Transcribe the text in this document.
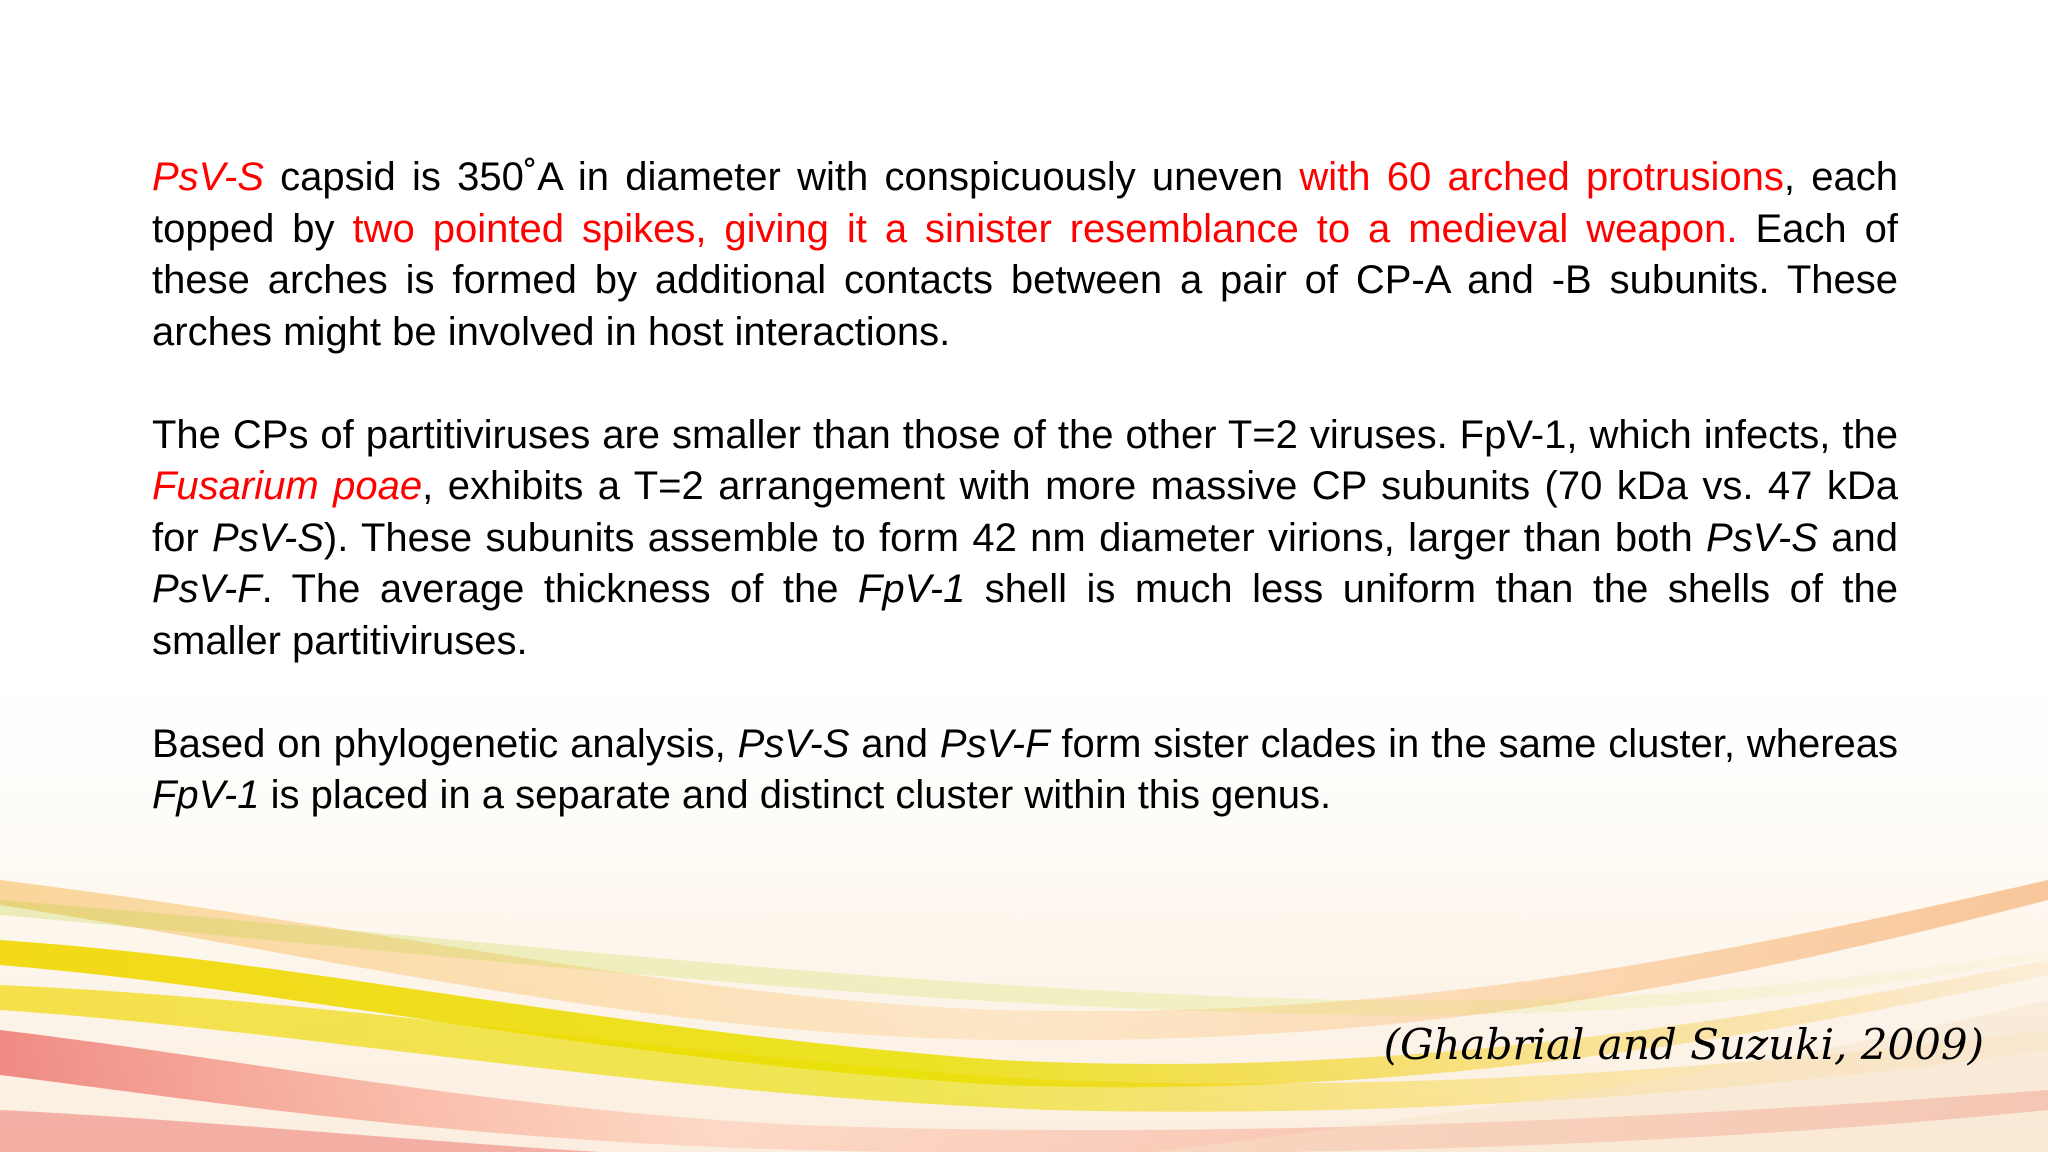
PsV-S capsid is 350˚A in diameter with conspicuously uneven with 60 arched protrusions, each topped by two pointed spikes, giving it a sinister resemblance to a medieval weapon. Each of these arches is formed by additional contacts between a pair of CP-A and -B subunits. These arches might be involved in host interactions.

The CPs of partitiviruses are smaller than those of the other T=2 viruses. FpV-1, which infects, the Fusarium poae, exhibits a T=2 arrangement with more massive CP subunits (70 kDa vs. 47 kDa for PsV-S). These subunits assemble to form 42 nm diameter virions, larger than both PsV-S and PsV-F. The average thickness of the FpV-1 shell is much less uniform than the shells of the smaller partitiviruses.

Based on phylogenetic analysis, PsV-S and PsV-F form sister clades in the same cluster, whereas FpV-1 is placed in a separate and distinct cluster within this genus.

(Ghabrial and Suzuki, 2009)
